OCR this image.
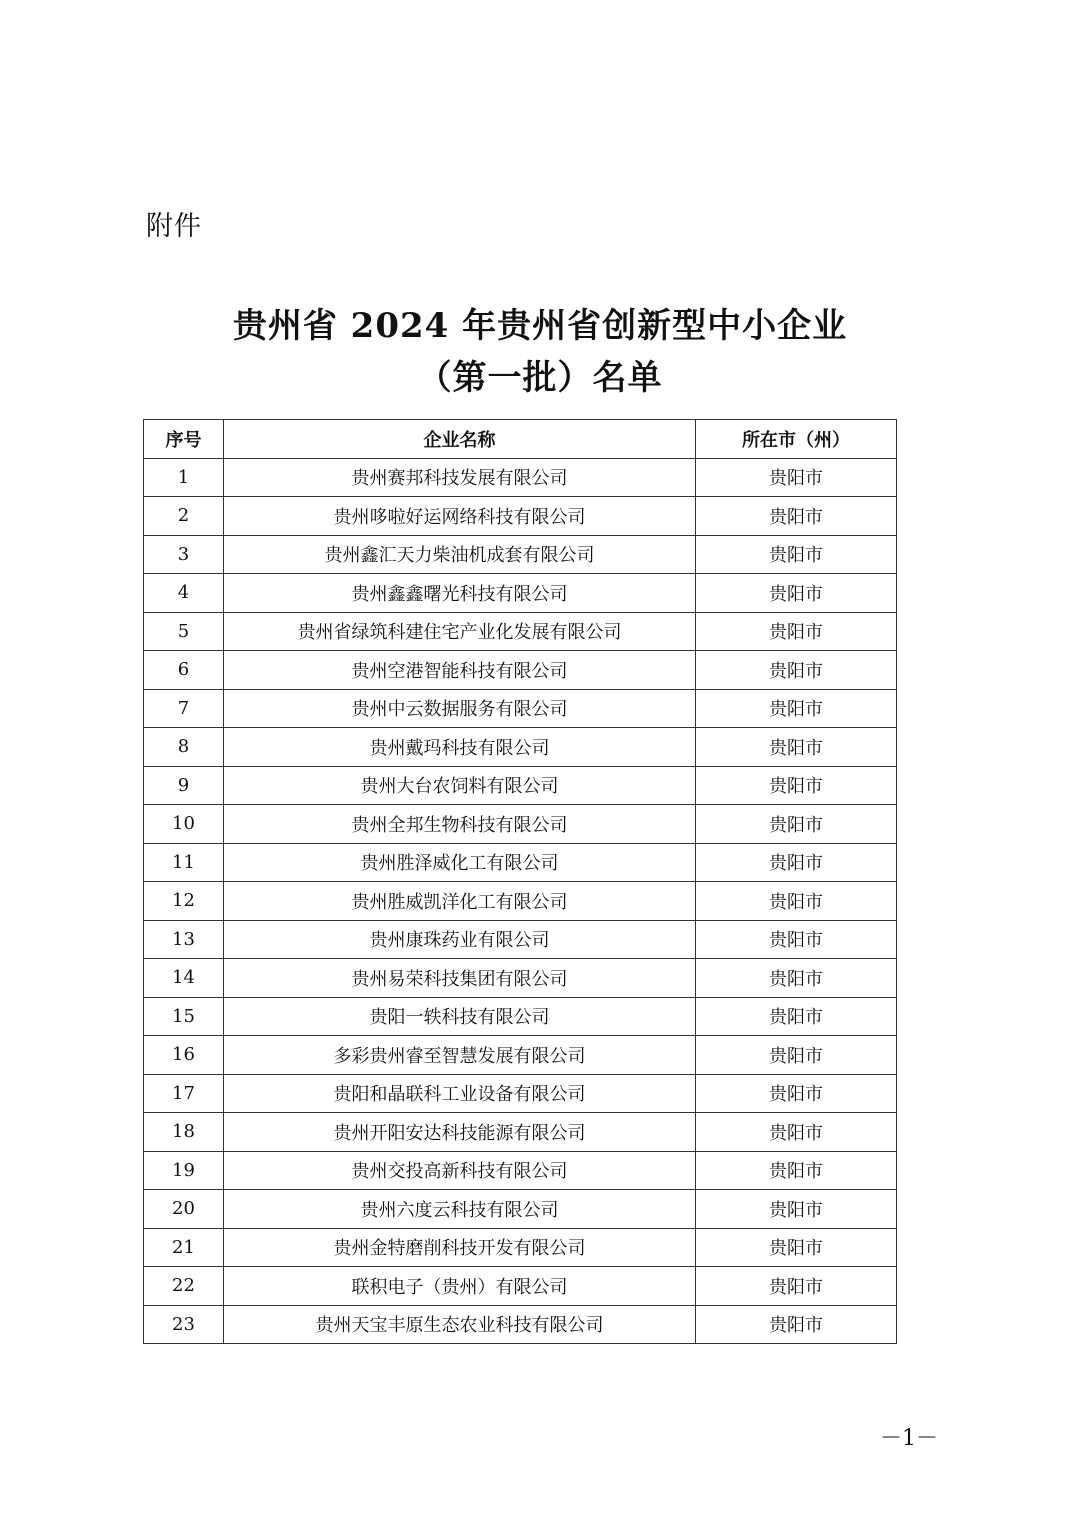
附件
贵州省 2024 年贵州省创新型中小企业
（第一批）名单
序号	企业名称	所在市（州）
1	贵州赛邦科技发展有限公司	贵阳市
2	贵州哆啦好运网络科技有限公司	贵阳市
3	贵州鑫汇天力柴油机成套有限公司	贵阳市
4	贵州鑫鑫曙光科技有限公司	贵阳市
5	贵州省绿筑科建住宅产业化发展有限公司	贵阳市
6	贵州空港智能科技有限公司	贵阳市
7	贵州中云数据服务有限公司	贵阳市
8	贵州戴玛科技有限公司	贵阳市
9	贵州大台农饲料有限公司	贵阳市
10	贵州全邦生物科技有限公司	贵阳市
11	贵州胜泽威化工有限公司	贵阳市
12	贵州胜威凯洋化工有限公司	贵阳市
13	贵州康珠药业有限公司	贵阳市
14	贵州易荣科技集团有限公司	贵阳市
15	贵阳一轶科技有限公司	贵阳市
16	多彩贵州睿至智慧发展有限公司	贵阳市
17	贵阳和晶联科工业设备有限公司	贵阳市
18	贵州开阳安达科技能源有限公司	贵阳市
19	贵州交投高新科技有限公司	贵阳市
20	贵州六度云科技有限公司	贵阳市
21	贵州金特磨削科技开发有限公司	贵阳市
22	联积电子（贵州）有限公司	贵阳市
23	贵州天宝丰原生态农业科技有限公司	贵阳市
－1－
